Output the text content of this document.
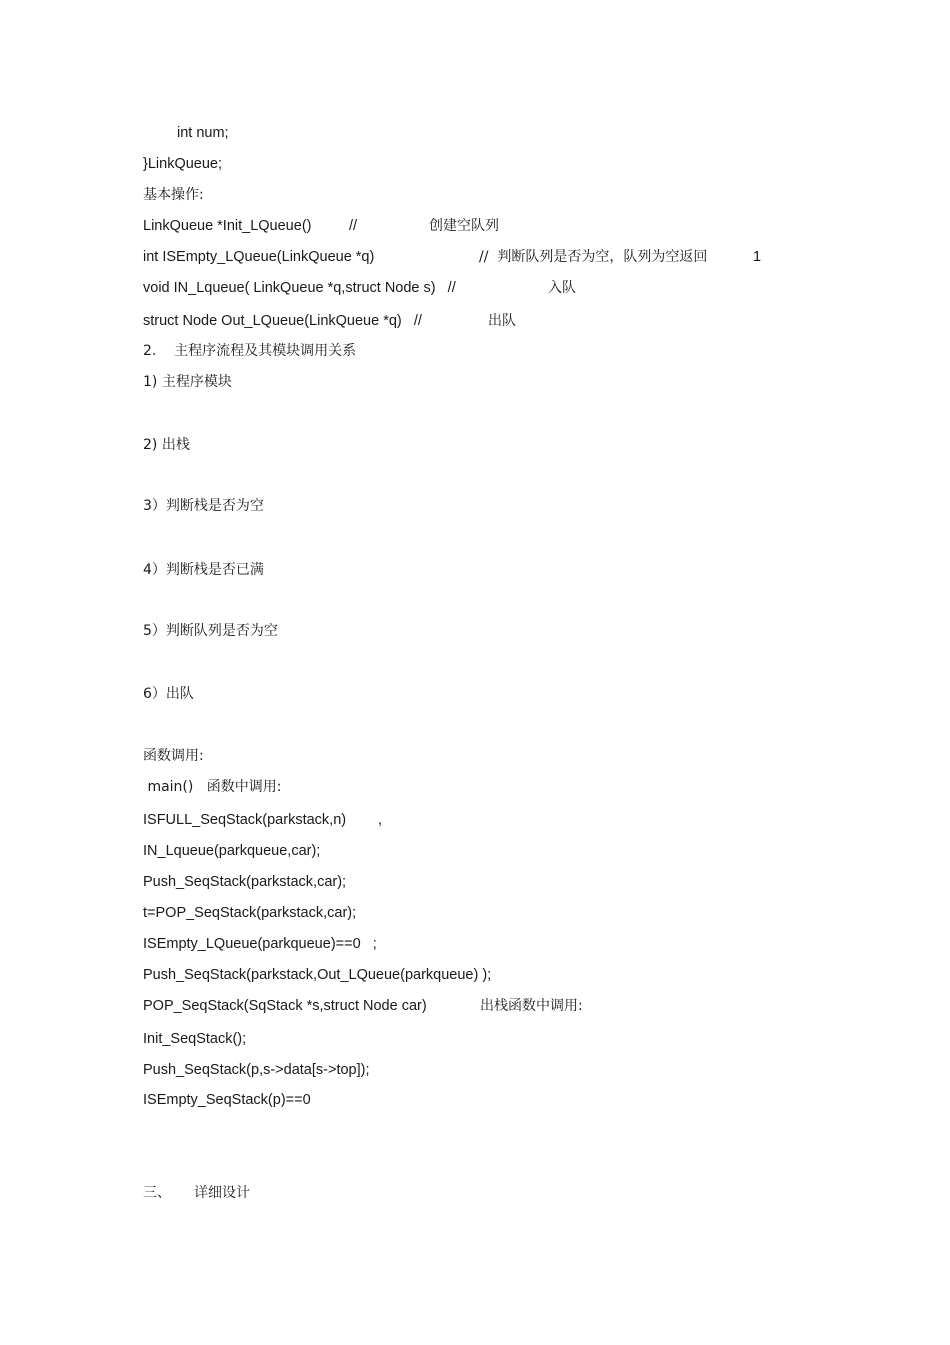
int num;
}LinkQueue;
基本操作:
LinkQueue *Init_LQueue()	//	创建空队列
int ISEmpty_LQueue(LinkQueue *q)	//  判断队列是否为空，队列为空返回	1
void IN_Lqueue( LinkQueue *q,struct Node s)   //	入队
struct Node Out_LQueue(LinkQueue *q)   //	出队
2.    主程序流程及其模块调用关系
1) 主程序模块
2) 出栈
3）判断栈是否为空
4）判断栈是否已满
5）判断队列是否为空
6）出队
函数调用:
main()   函数中调用:
ISFULL_SeqStack(parkstack,n) ,
IN_Lqueue(parkqueue,car);
Push_SeqStack(parkstack,car);
t=POP_SeqStack(parkstack,car);
ISEmpty_LQueue(parkqueue)==0   ;
Push_SeqStack(parkstack,Out_LQueue(parkqueue) );
POP_SeqStack(SqStack *s,struct Node car)	出栈函数中调用:
Init_SeqStack();
Push_SeqStack(p,s->data[s->top]);
ISEmpty_SeqStack(p)==0
三、 详细设计
